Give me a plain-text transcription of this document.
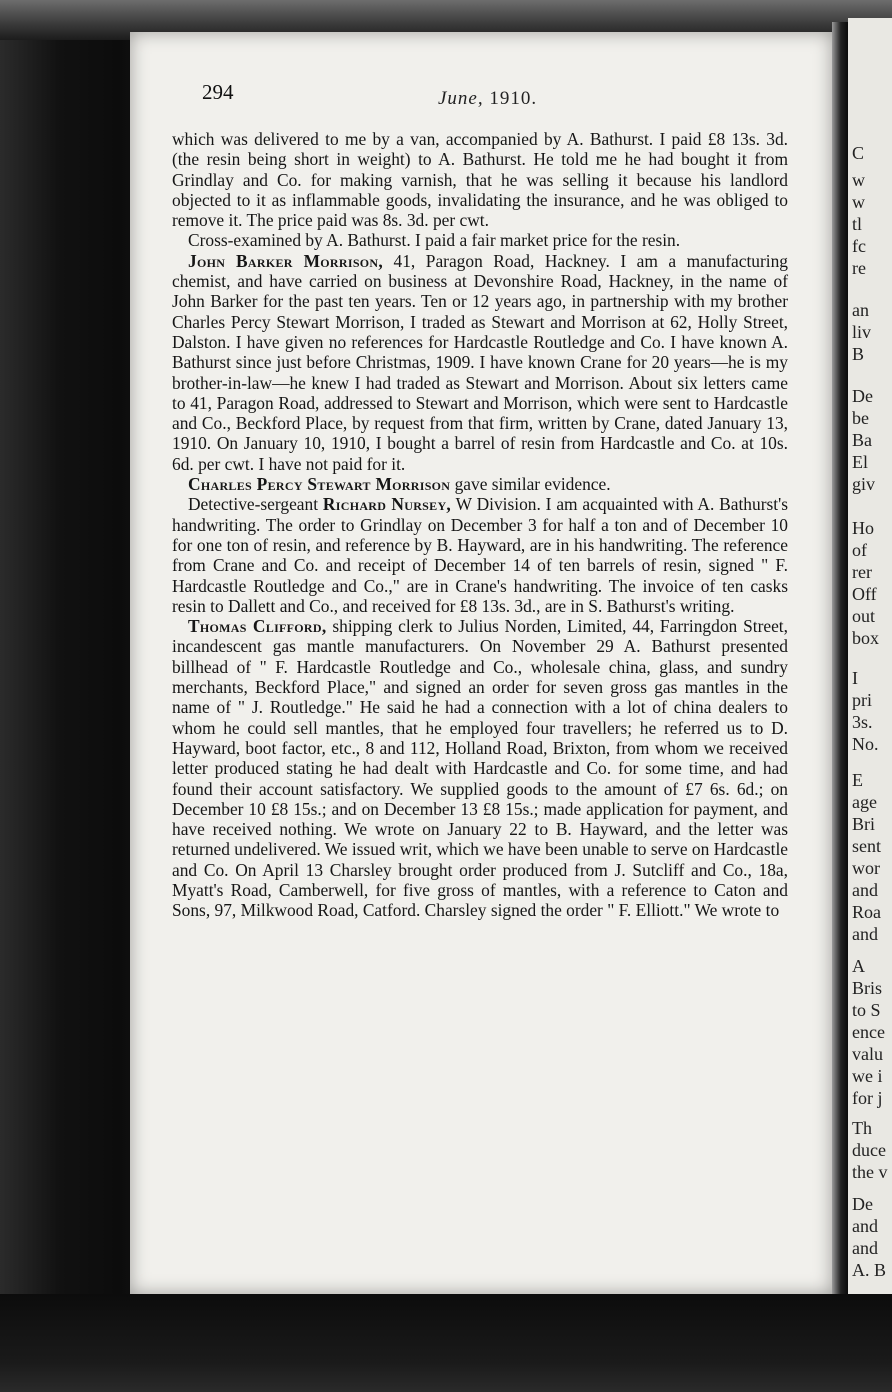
294	June, 1910.

which was delivered to me by a van, accompanied by A. Bathurst. I paid £8 13s. 3d. (the resin being short in weight) to A. Bathurst. He told me he had bought it from Grindlay and Co. for making varnish, that he was selling it because his landlord objected to it as inflammable goods, invalidating the insurance, and he was obliged to remove it. The price paid was 8s. 3d. per cwt.

Cross-examined by A. Bathurst. I paid a fair market price for the resin.

John Barker Morrison, 41, Paragon Road, Hackney. I am a manufacturing chemist, and have carried on business at Devonshire Road, Hackney, in the name of John Barker for the past ten years. Ten or 12 years ago, in partnership with my brother Charles Percy Stewart Morrison, I traded as Stewart and Morrison at 62, Holly Street, Dalston. I have given no references for Hardcastle Routledge and Co. I have known A. Bathurst since just before Christmas, 1909. I have known Crane for 20 years—he is my brother-in-law—he knew I had traded as Stewart and Morrison. About six letters came to 41, Paragon Road, addressed to Stewart and Morrison, which were sent to Hardcastle and Co., Beckford Place, by request from that firm, written by Crane, dated January 13, 1910. On January 10, 1910, I bought a barrel of resin from Hardcastle and Co. at 10s. 6d. per cwt. I have not paid for it.

Charles Percy Stewart Morrison gave similar evidence.

Detective-sergeant Richard Nursey, W Division. I am acquainted with A. Bathurst's handwriting. The order to Grindlay on December 3 for half a ton and of December 10 for one ton of resin, and reference by B. Hayward, are in his handwriting. The reference from Crane and Co. and receipt of December 14 of ten barrels of resin, signed " F. Hardcastle Routledge and Co.," are in Crane's handwriting. The invoice of ten casks resin to Dallett and Co., and received for £8 13s. 3d., are in S. Bathurst's writing.

Thomas Clifford, shipping clerk to Julius Norden, Limited, 44, Farringdon Street, incandescent gas mantle manufacturers. On November 29 A. Bathurst presented billhead of " F. Hardcastle Routledge and Co., wholesale china, glass, and sundry merchants, Beckford Place," and signed an order for seven gross gas mantles in the name of " J. Routledge." He said he had a connection with a lot of china dealers to whom he could sell mantles, that he employed four travellers; he referred us to D. Hayward, boot factor, etc., 8 and 112, Holland Road, Brixton, from whom we received letter produced stating he had dealt with Hardcastle and Co. for some time, and had found their account satisfactory. We supplied goods to the amount of £7 6s. 6d.; on December 10 £8 15s.; and on December 13 £8 15s.; made application for payment, and have received nothing. We wrote on January 22 to B. Hayward, and the letter was returned undelivered. We issued writ, which we have been unable to serve on Hardcastle and Co. On April 13 Charsley brought order produced from J. Sutcliff and Co., 18a, Myatt's Road, Camberwell, for five gross of mantles, with a reference to Caton and Sons, 97, Milkwood Road, Catford. Charsley signed the order " F. Elliott." We wrote to

C
w
w
tl
fc
re
an
liv
B
De
be
Ba
El
giv
Ho
of
rer
Off
out
box
I
pri
3s.
No.
E
age
Bri
sent
wor
and
Roa
and
A
Bris
to S
ence
valu
we i
for j
Th
duce
the v
De
and
and
A. B
